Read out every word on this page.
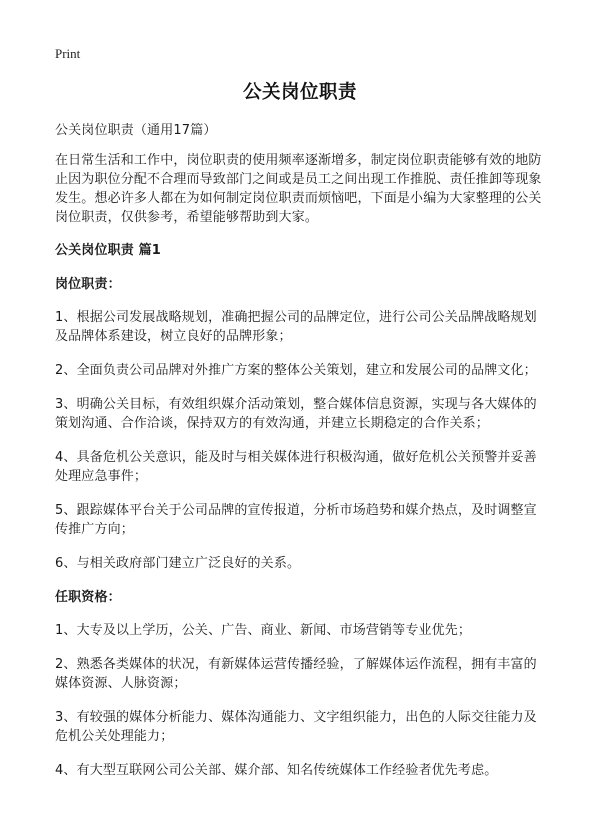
Print
公关岗位职责

公关岗位职责（通用17篇）

在日常生活和工作中，岗位职责的使用频率逐渐增多，制定岗位职责能够有效的地防止因为职位分配不合理而导致部门之间或是员工之间出现工作推脱、责任推卸等现象发生。想必许多人都在为如何制定岗位职责而烦恼吧，下面是小编为大家整理的公关岗位职责，仅供参考，希望能够帮助到大家。

公关岗位职责 篇1

岗位职责：

1、根据公司发展战略规划，准确把握公司的品牌定位，进行公司公关品牌战略规划及品牌体系建设，树立良好的品牌形象；

2、全面负责公司品牌对外推广方案的整体公关策划，建立和发展公司的品牌文化；

3、明确公关目标，有效组织媒介活动策划，整合媒体信息资源，实现与各大媒体的策划沟通、合作洽谈，保持双方的有效沟通，并建立长期稳定的合作关系；

4、具备危机公关意识，能及时与相关媒体进行积极沟通，做好危机公关预警并妥善处理应急事件；

5、跟踪媒体平台关于公司品牌的宣传报道，分析市场趋势和媒介热点，及时调整宣传推广方向；

6、与相关政府部门建立广泛良好的关系。

任职资格：

1、大专及以上学历，公关、广告、商业、新闻、市场营销等专业优先；

2、熟悉各类媒体的状况，有新媒体运营传播经验，了解媒体运作流程，拥有丰富的 媒体资源、人脉资源；

3、有较强的媒体分析能力、媒体沟通能力、文字组织能力，出色的人际交往能力及危机公关处理能力；

4、有大型互联网公司公关部、媒介部、知名传统媒体工作经验者优先考虑。
